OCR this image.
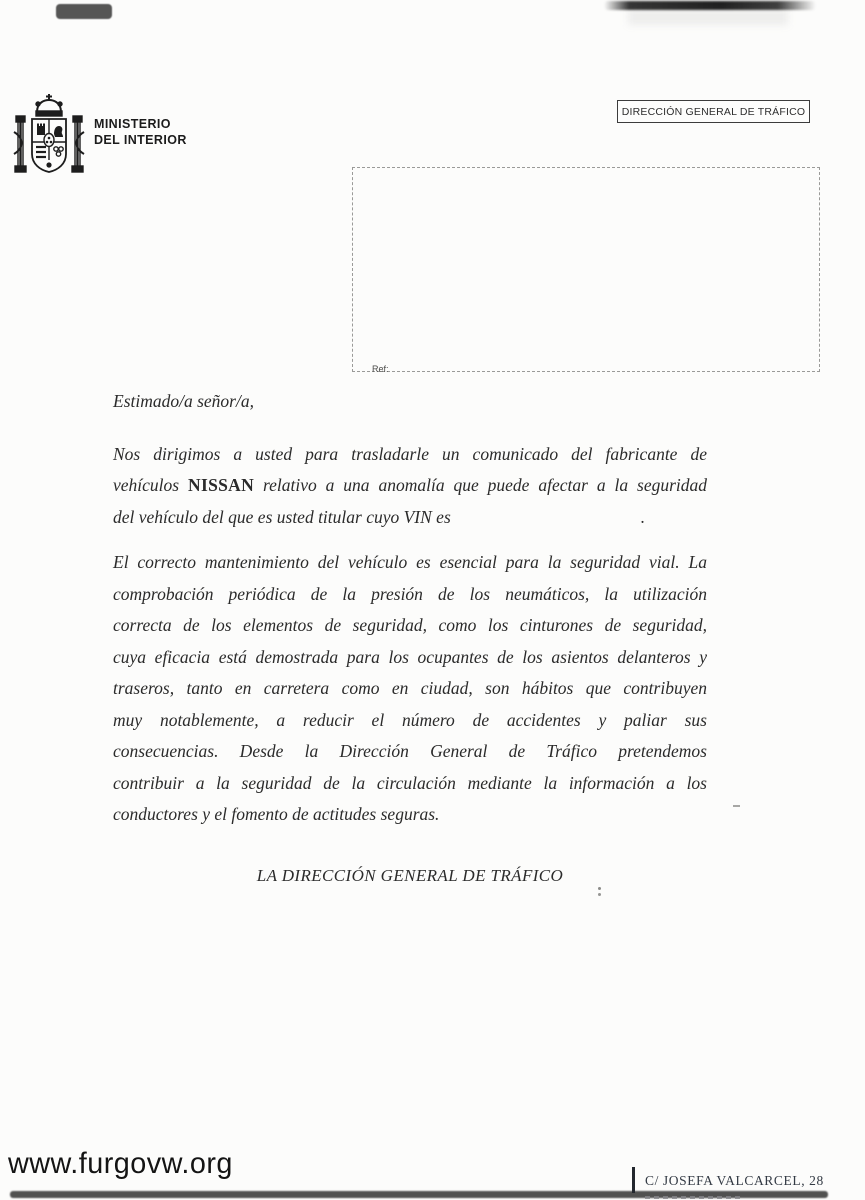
MINISTERIO
DEL INTERIOR
DIRECCIÓN GENERAL DE TRÁFICO
Ref:
Estimado/a señor/a,
Nos dirigimos a usted para trasladarle un comunicado del fabricante de
vehículos NISSAN relativo a una anomalía que puede afectar a la seguridad
del vehículo del que es usted titular cuyo VIN es	.
El correcto mantenimiento del vehículo es esencial para la seguridad vial. La
comprobación periódica de la presión de los neumáticos, la utilización
correcta de los elementos de seguridad, como los cinturones de seguridad,
cuya eficacia está demostrada para los ocupantes de los asientos delanteros y
traseros, tanto en carretera como en ciudad, son hábitos que contribuyen
muy notablemente, a reducir el número de accidentes y paliar sus
consecuencias. Desde la Dirección General de Tráfico pretendemos
contribuir a la seguridad de la circulación mediante la información a los
conductores y el fomento de actitudes seguras.
LA DIRECCIÓN GENERAL DE TRÁFICO
www.furgovw.org
C/ JOSEFA VALCARCEL, 28
